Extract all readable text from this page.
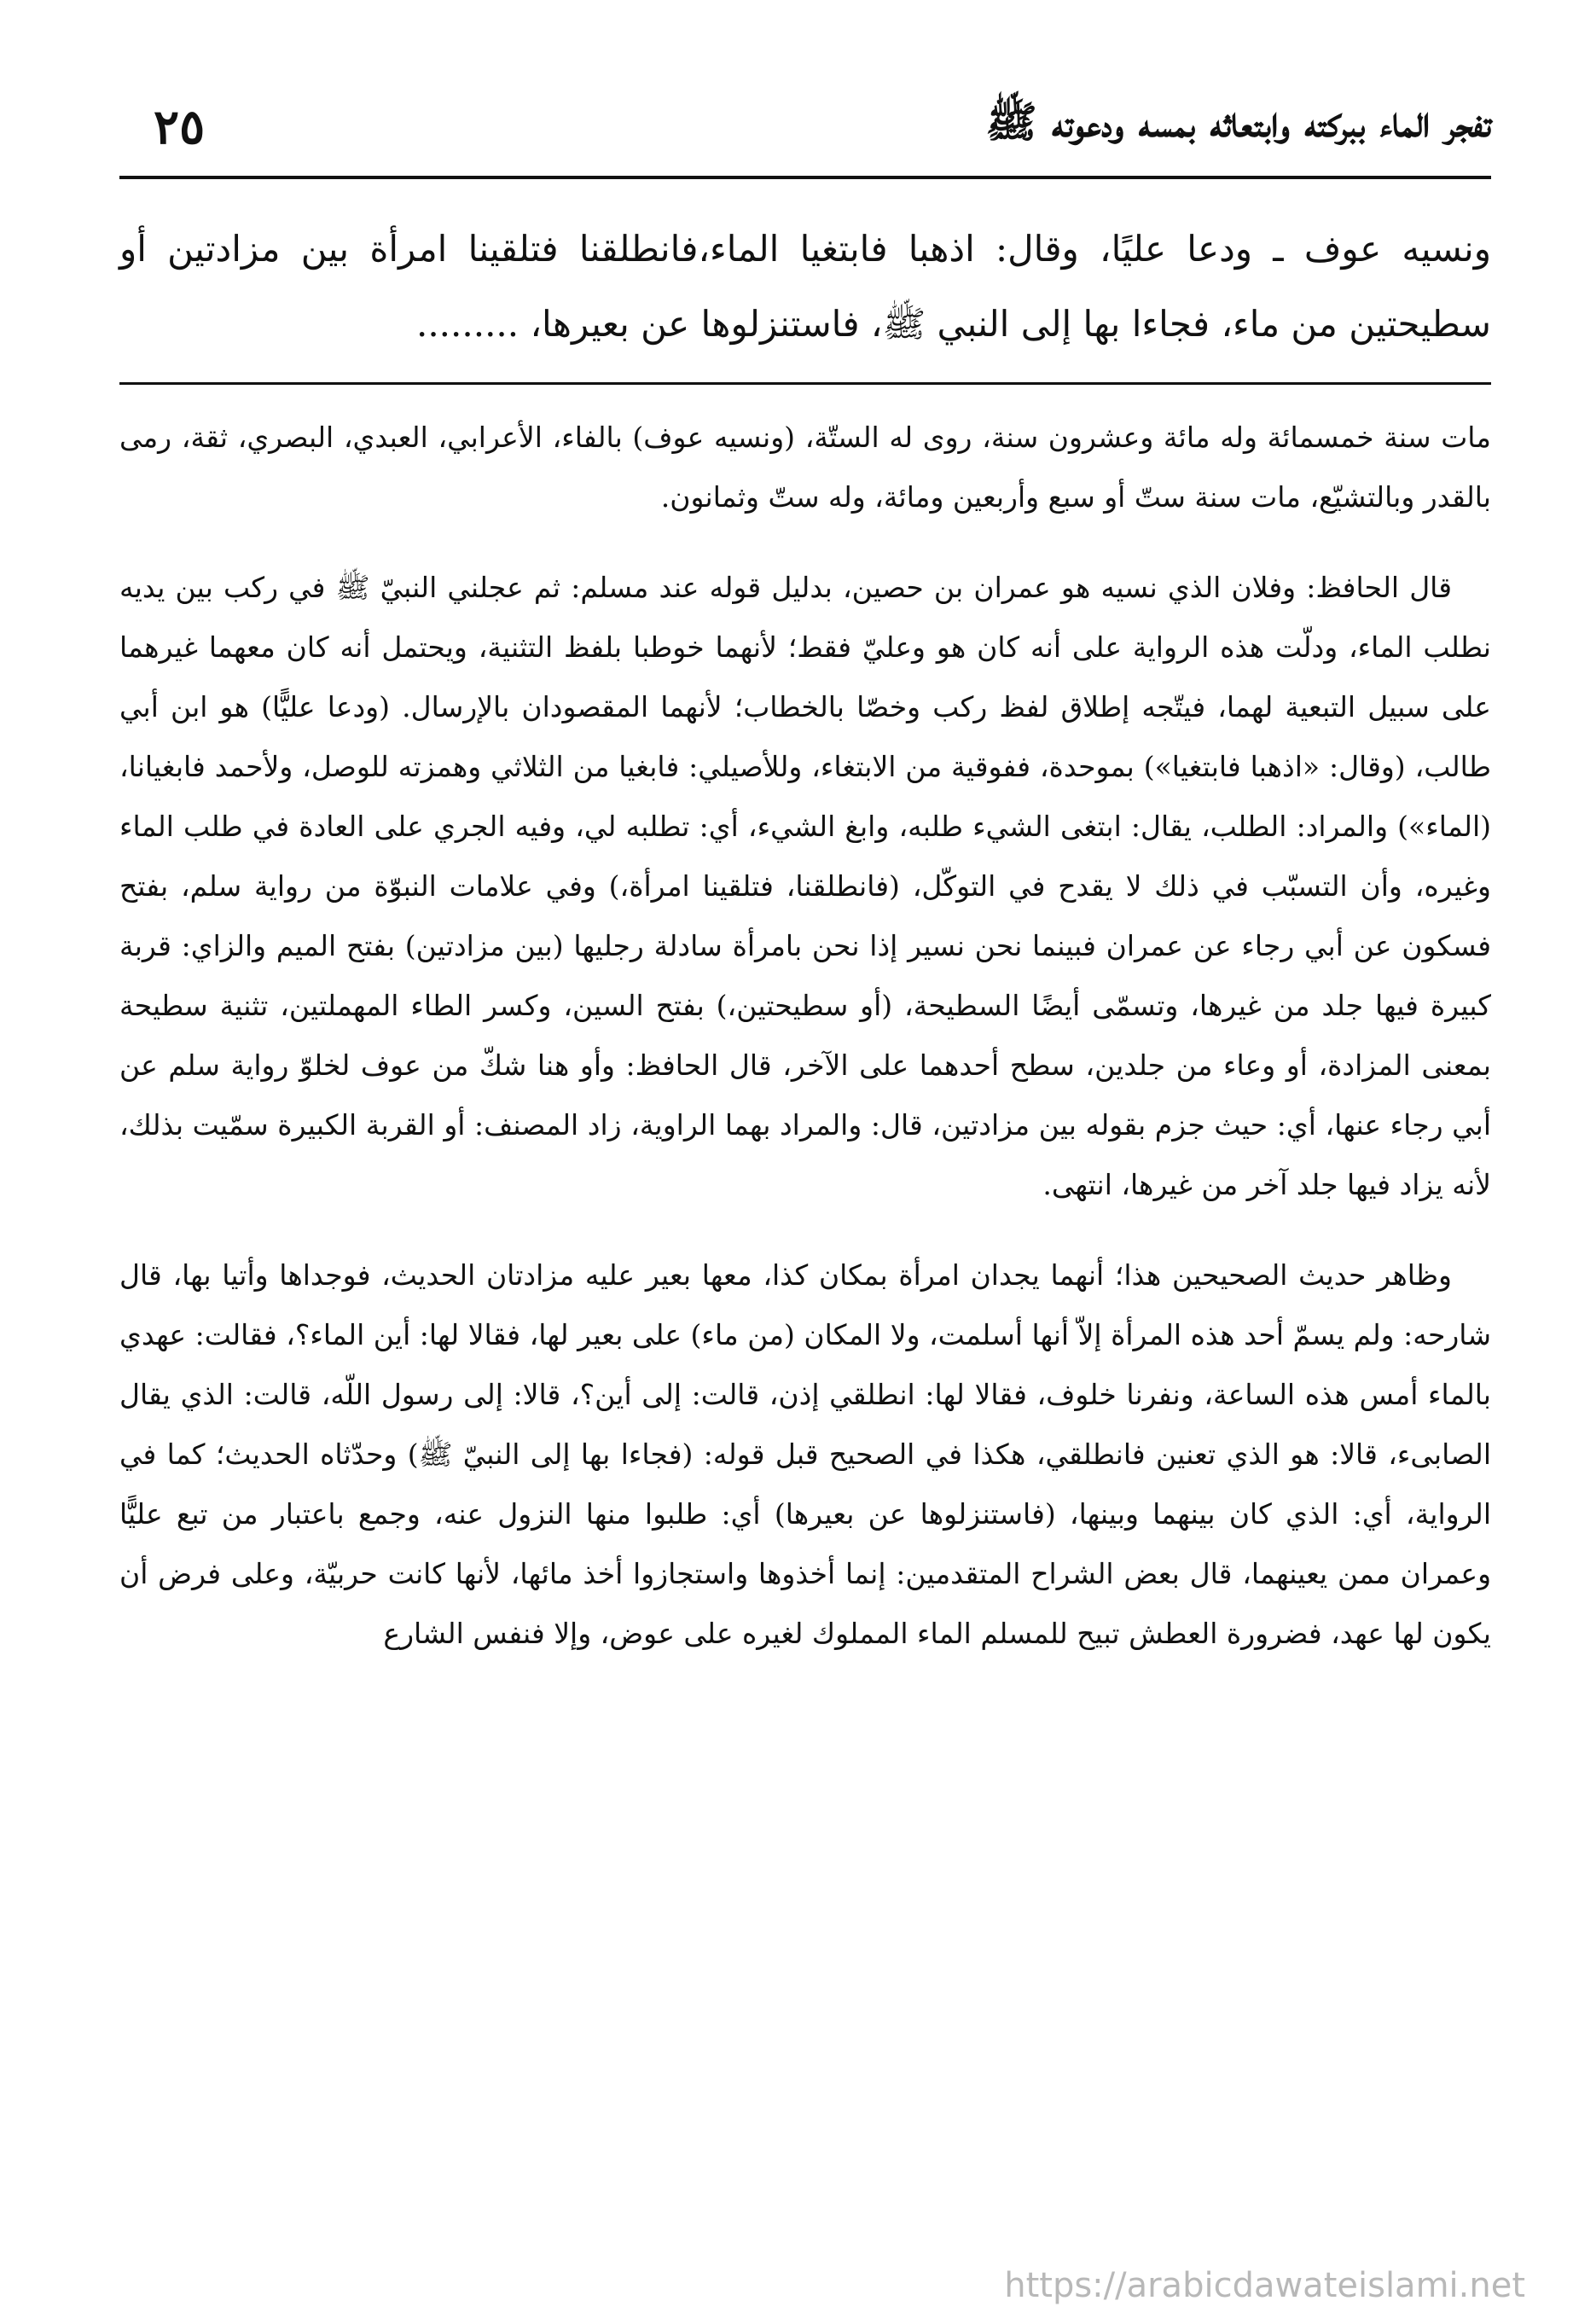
تفجر الماء ببركته وابتعاثه بمسه ودعوته ﷺ
٢٥
ونسيه عوف ـ ودعا عليًا، وقال: اذهبا فابتغيا الماء،فانطلقنا فتلقينا امرأة بين مزادتين أو سطيحتين من ماء، فجاءا بها إلى النبي ﷺ، فاستنزلوها عن بعيرها، .........

مات سنة خمسمائة وله مائة وعشرون سنة، روى له الستّة، (ونسيه عوف) بالفاء، الأعرابي، العبدي، البصري، ثقة، رمى بالقدر وبالتشيّع، مات سنة ستّ أو سبع وأربعين ومائة، وله ستّ وثمانون.

قال الحافظ: وفلان الذي نسيه هو عمران بن حصين، بدليل قوله عند مسلم: ثم عجلني النبيّ ﷺ في ركب بين يديه نطلب الماء، ودلّت هذه الرواية على أنه كان هو وعليّ فقط؛ لأنهما خوطبا بلفظ التثنية، ويحتمل أنه كان معهما غيرهما على سبيل التبعية لهما، فيتّجه إطلاق لفظ ركب وخصّا بالخطاب؛ لأنهما المقصودان بالإرسال. (ودعا عليًّا) هو ابن أبي طالب، (وقال: «اذهبا فابتغيا») بموحدة، ففوقية من الابتغاء، وللأصيلي: فابغيا من الثلاثي وهمزته للوصل، ولأحمد فابغيانا، (الماء») والمراد: الطلب، يقال: ابتغى الشيء طلبه، وابغ الشيء، أي: تطلبه لي، وفيه الجري على العادة في طلب الماء وغيره، وأن التسبّب في ذلك لا يقدح في التوكّل، (فانطلقنا، فتلقينا امرأة،) وفي علامات النبوّة من رواية سلم، بفتح فسكون عن أبي رجاء عن عمران فبينما نحن نسير إذا نحن بامرأة سادلة رجليها (بين مزادتين) بفتح الميم والزاي: قربة كبيرة فيها جلد من غيرها، وتسمّى أيضًا السطيحة، (أو سطيحتين،) بفتح السين، وكسر الطاء المهملتين، تثنية سطيحة بمعنى المزادة، أو وعاء من جلدين، سطح أحدهما على الآخر، قال الحافظ: وأو هنا شكّ من عوف لخلوّ رواية سلم عن أبي رجاء عنها، أي: حيث جزم بقوله بين مزادتين، قال: والمراد بهما الراوية، زاد المصنف: أو القربة الكبيرة سمّيت بذلك، لأنه يزاد فيها جلد آخر من غيرها، انتهى.

وظاهر حديث الصحيحين هذا؛ أنهما يجدان امرأة بمكان كذا، معها بعير عليه مزادتان الحديث، فوجداها وأتيا بها، قال شارحه: ولم يسمّ أحد هذه المرأة إلاّ أنها أسلمت، ولا المكان (من ماء) على بعير لها، فقالا لها: أين الماء؟، فقالت: عهدي بالماء أمس هذه الساعة، ونفرنا خلوف، فقالا لها: انطلقي إذن، قالت: إلى أين؟، قالا: إلى رسول اللّه، قالت: الذي يقال الصابىء، قالا: هو الذي تعنين فانطلقي، هكذا في الصحيح قبل قوله: (فجاءا بها إلى النبيّ ﷺ) وحدّثاه الحديث؛ كما في الرواية، أي: الذي كان بينهما وبينها، (فاستنزلوها عن بعيرها) أي: طلبوا منها النزول عنه، وجمع باعتبار من تبع عليًّا وعمران ممن يعينهما، قال بعض الشراح المتقدمين: إنما أخذوها واستجازوا أخذ مائها، لأنها كانت حربيّة، وعلى فرض أن يكون لها عهد، فضرورة العطش تبيح للمسلم الماء المملوك لغيره على عوض، وإلا فنفس الشارع

https://arabicdawateislami.net
